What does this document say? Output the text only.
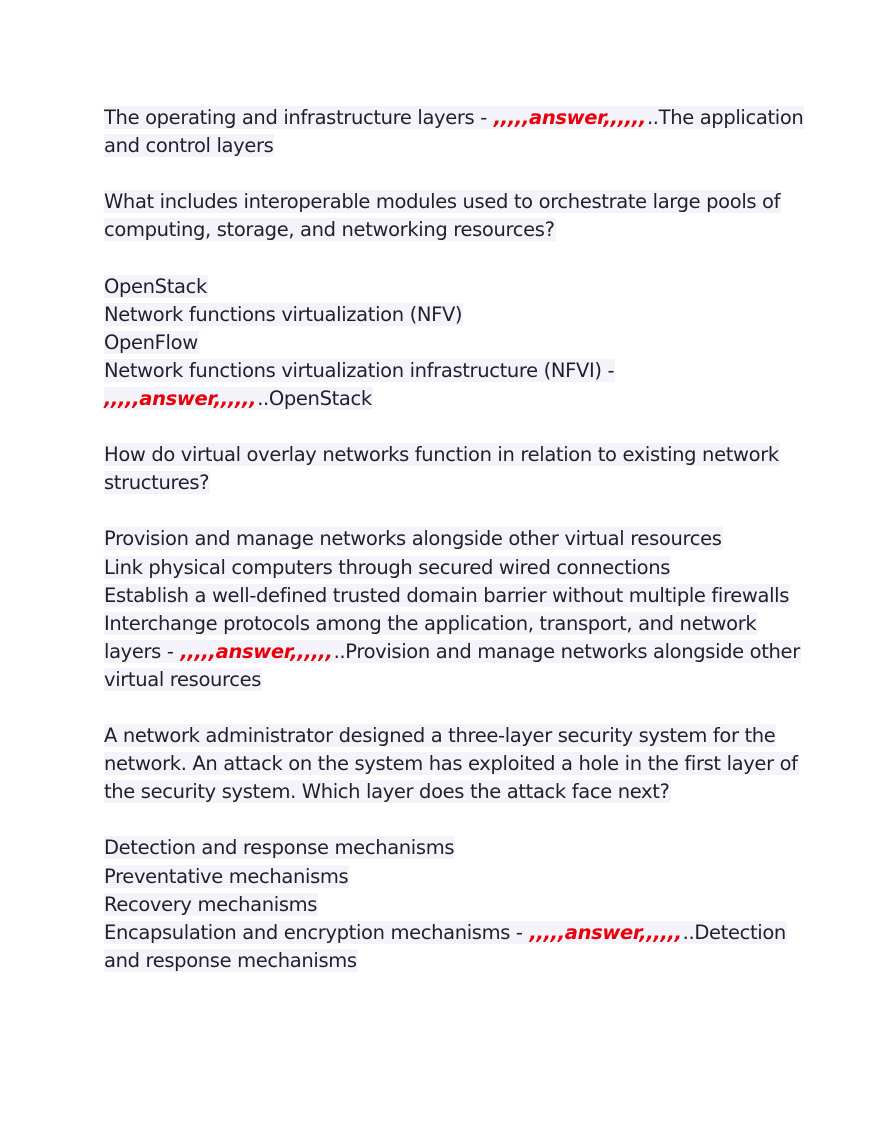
The operating and infrastructure layers - ,,,,,answer,,,,,,..The application
and control layers
What includes interoperable modules used to orchestrate large pools of
computing, storage, and networking resources?
OpenStack
Network functions virtualization (NFV)
OpenFlow
Network functions virtualization infrastructure (NFVI) -
,,,,,answer,,,,,,..OpenStack
How do virtual overlay networks function in relation to existing network
structures?
Provision and manage networks alongside other virtual resources
Link physical computers through secured wired connections
Establish a well-defined trusted domain barrier without multiple firewalls
Interchange protocols among the application, transport, and network
layers - ,,,,,answer,,,,,,..Provision and manage networks alongside other
virtual resources
A network administrator designed a three-layer security system for the
network. An attack on the system has exploited a hole in the first layer of
the security system. Which layer does the attack face next?
Detection and response mechanisms
Preventative mechanisms
Recovery mechanisms
Encapsulation and encryption mechanisms - ,,,,,answer,,,,,,..Detection
and response mechanisms
